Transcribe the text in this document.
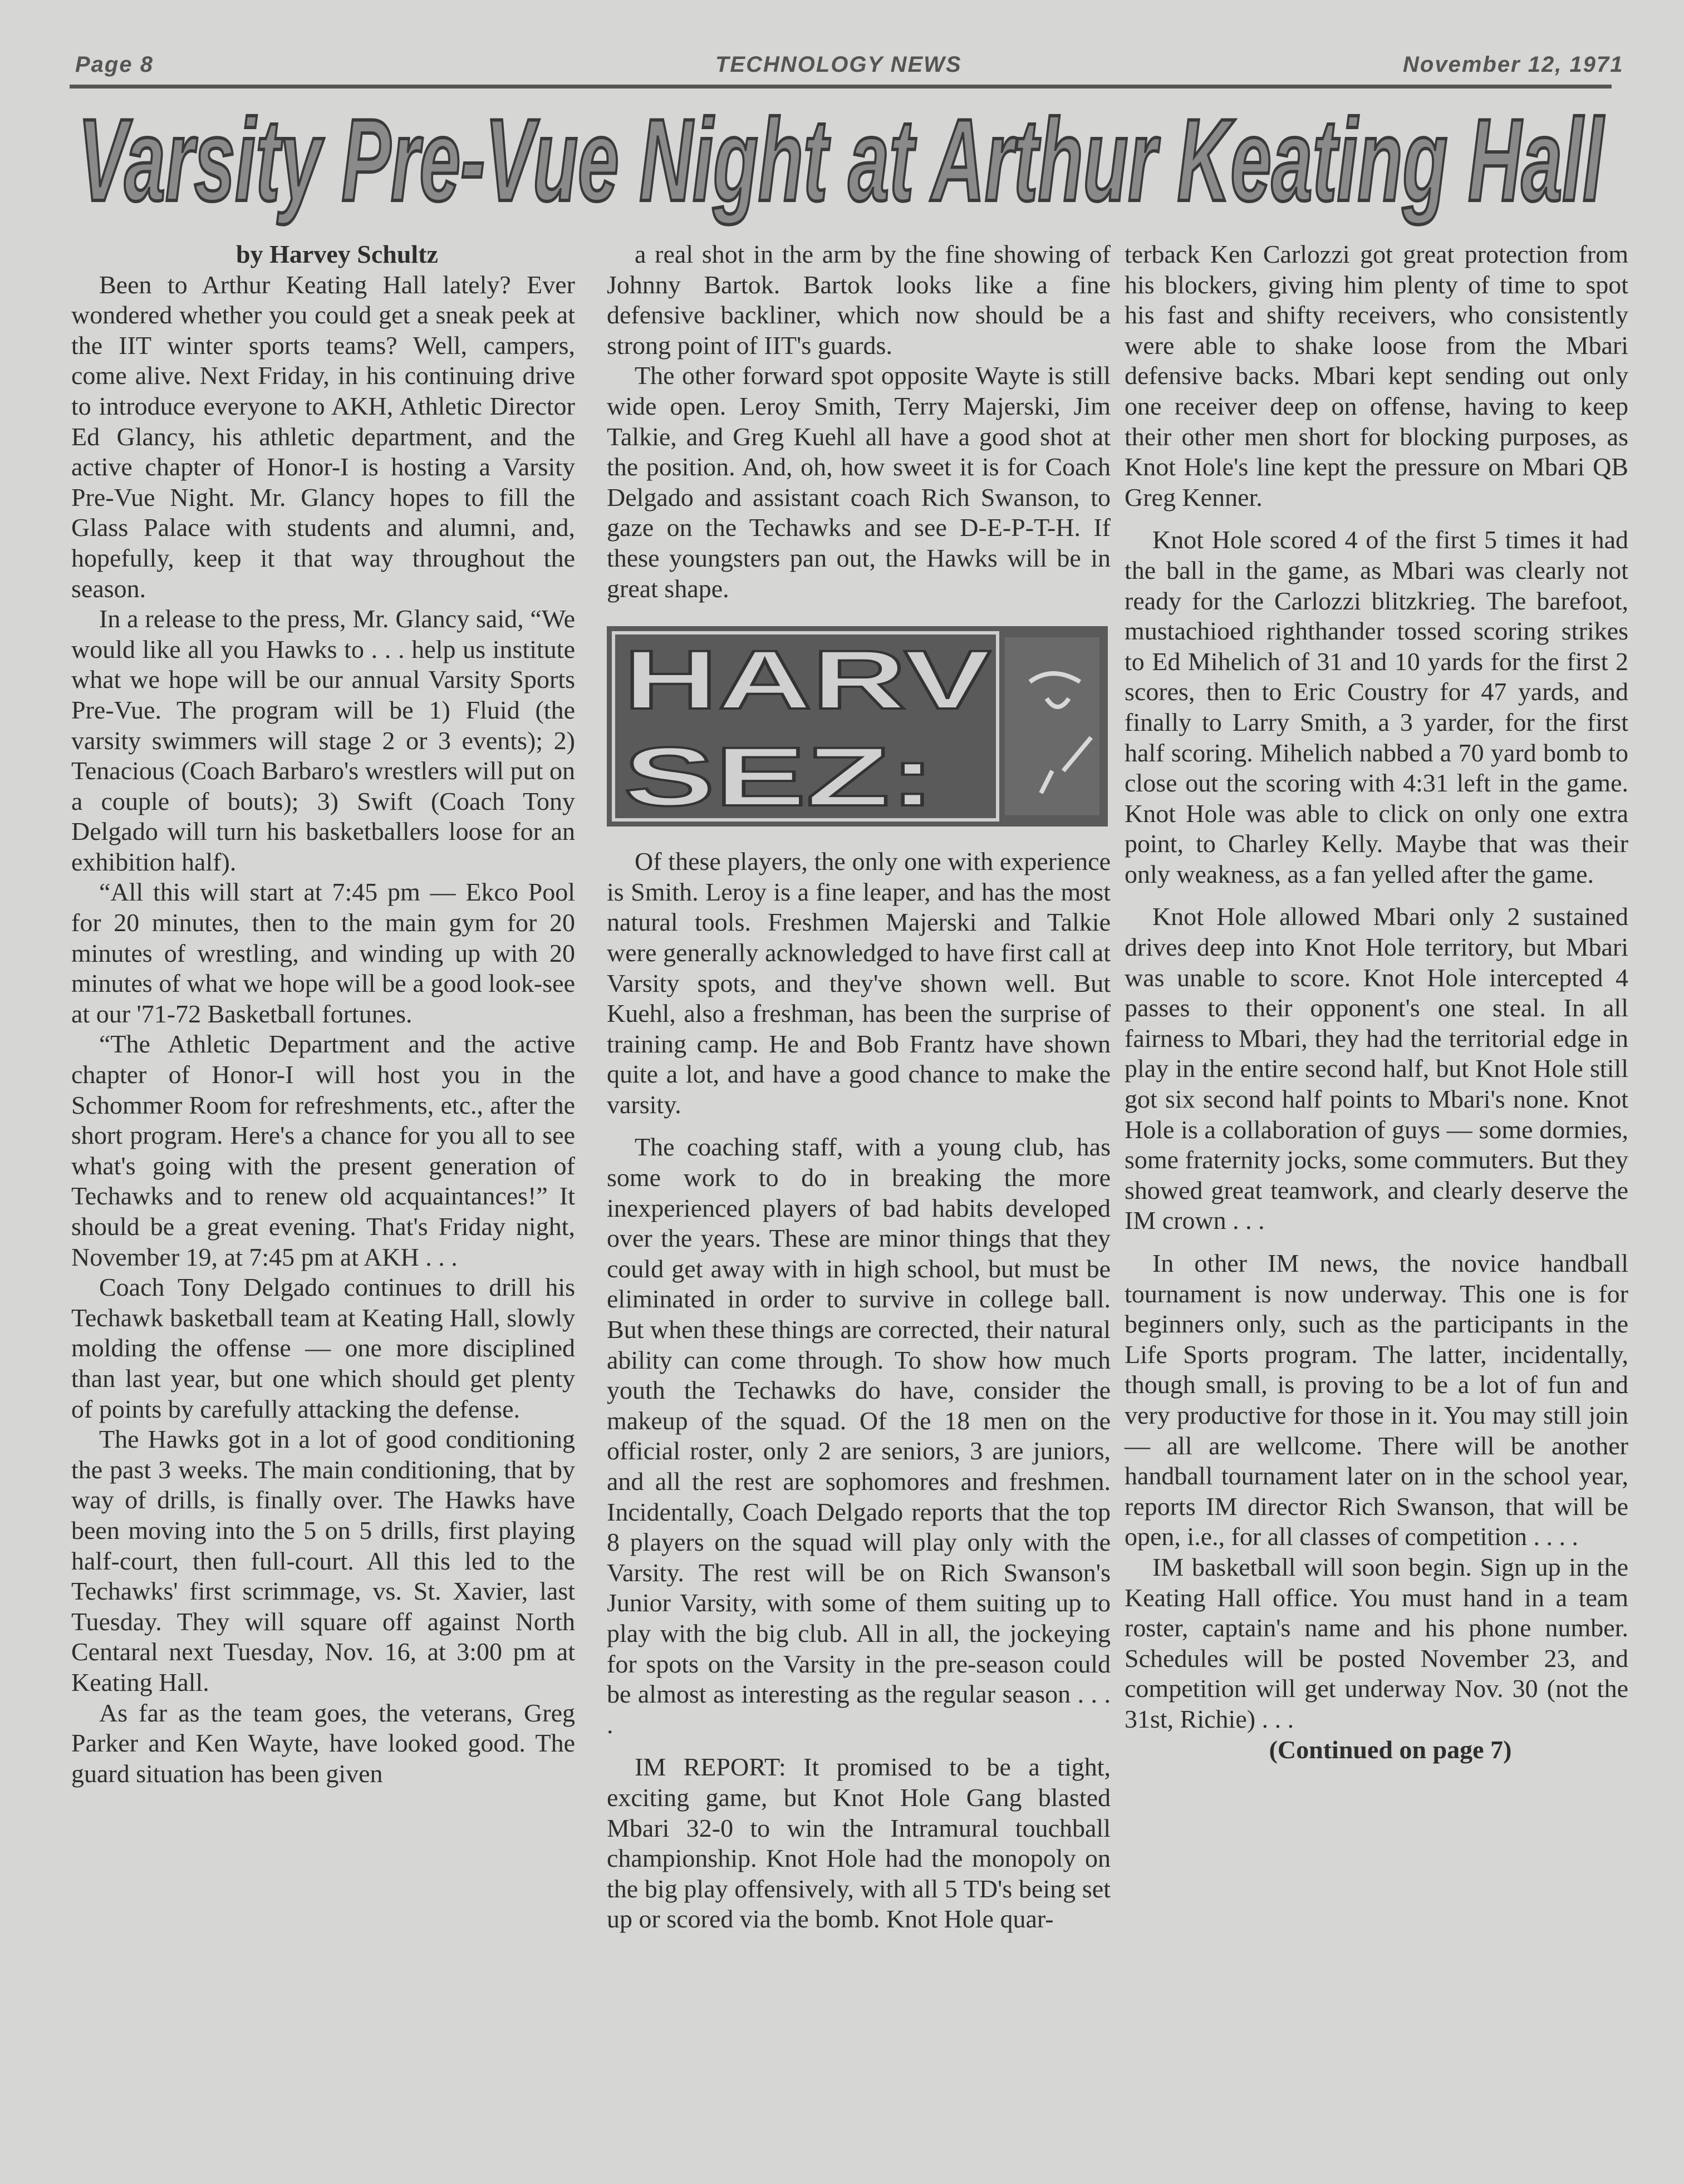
Page 8	TECHNOLOGY NEWS	November 12, 1971
Varsity Pre-Vue Night at Arthur Keating Hall

by Harvey Schultz

Been to Arthur Keating Hall lately? Ever wondered whether you could get a sneak peek at the IIT winter sports teams? Well, campers, come alive. Next Friday, in his continuing drive to introduce everyone to AKH, Athletic Director Ed Glancy, his athletic department, and the active chapter of Honor-I is hosting a Varsity Pre-Vue Night. Mr. Glancy hopes to fill the Glass Palace with students and alumni, and, hopefully, keep it that way throughout the season.

In a release to the press, Mr. Glancy said, “We would like all you Hawks to . . . help us institute what we hope will be our annual Varsity Sports Pre-Vue. The program will be 1) Fluid (the varsity swimmers will stage 2 or 3 events); 2) Tenacious (Coach Barbaro's wrestlers will put on a couple of bouts); 3) Swift (Coach Tony Delgado will turn his basketballers loose for an exhibition half).

“All this will start at 7:45 pm — Ekco Pool for 20 minutes, then to the main gym for 20 minutes of wrestling, and winding up with 20 minutes of what we hope will be a good look-see at our '71-72 Basketball fortunes.

“The Athletic Department and the active chapter of Honor-I will host you in the Schommer Room for refreshments, etc., after the short program. Here's a chance for you all to see what's going with the present generation of Techawks and to renew old acquaintances!” It should be a great evening. That's Friday night, November 19, at 7:45 pm at AKH . . .

Coach Tony Delgado continues to drill his Techawk basketball team at Keating Hall, slowly molding the offense — one more disciplined than last year, but one which should get plenty of points by carefully attacking the defense.

The Hawks got in a lot of good conditioning the past 3 weeks. The main conditioning, that by way of drills, is finally over. The Hawks have been moving into the 5 on 5 drills, first playing half-court, then full-court. All this led to the Techawks' first scrimmage, vs. St. Xavier, last Tuesday. They will square off against North Centaral next Tuesday, Nov. 16, at 3:00 pm at Keating Hall.

As far as the team goes, the veterans, Greg Parker and Ken Wayte, have looked good. The guard situation has been given

a real shot in the arm by the fine showing of Johnny Bartok. Bartok looks like a fine defensive backliner, which now should be a strong point of IIT's guards.

The other forward spot opposite Wayte is still wide open. Leroy Smith, Terry Majerski, Jim Talkie, and Greg Kuehl all have a good shot at the position. And, oh, how sweet it is for Coach Delgado and assistant coach Rich Swanson, to gaze on the Techawks and see D-E-P-T-H. If these youngsters pan out, the Hawks will be in great shape.

HARV
SEZ:

Of these players, the only one with experience is Smith. Leroy is a fine leaper, and has the most natural tools. Freshmen Majerski and Talkie were generally acknowledged to have first call at Varsity spots, and they've shown well. But Kuehl, also a freshman, has been the surprise of training camp. He and Bob Frantz have shown quite a lot, and have a good chance to make the varsity.

The coaching staff, with a young club, has some work to do in breaking the more inexperienced players of bad habits developed over the years. These are minor things that they could get away with in high school, but must be eliminated in order to survive in college ball. But when these things are corrected, their natural ability can come through. To show how much youth the Techawks do have, consider the makeup of the squad. Of the 18 men on the official roster, only 2 are seniors, 3 are juniors, and all the rest are sophomores and freshmen. Incidentally, Coach Delgado reports that the top 8 players on the squad will play only with the Varsity. The rest will be on Rich Swanson's Junior Varsity, with some of them suiting up to play with the big club. All in all, the jockeying for spots on the Varsity in the pre-season could be almost as interesting as the regular season . . . .

IM REPORT: It promised to be a tight, exciting game, but Knot Hole Gang blasted Mbari 32-0 to win the Intramural touchball championship. Knot Hole had the monopoly on the big play offensively, with all 5 TD's being set up or scored via the bomb. Knot Hole quar-

terback Ken Carlozzi got great protection from his blockers, giving him plenty of time to spot his fast and shifty receivers, who consistently were able to shake loose from the Mbari defensive backs. Mbari kept sending out only one receiver deep on offense, having to keep their other men short for blocking purposes, as Knot Hole's line kept the pressure on Mbari QB Greg Kenner.

Knot Hole scored 4 of the first 5 times it had the ball in the game, as Mbari was clearly not ready for the Carlozzi blitzkrieg. The barefoot, mustachioed righthander tossed scoring strikes to Ed Mihelich of 31 and 10 yards for the first 2 scores, then to Eric Coustry for 47 yards, and finally to Larry Smith, a 3 yarder, for the first half scoring. Mihelich nabbed a 70 yard bomb to close out the scoring with 4:31 left in the game. Knot Hole was able to click on only one extra point, to Charley Kelly. Maybe that was their only weakness, as a fan yelled after the game.

Knot Hole allowed Mbari only 2 sustained drives deep into Knot Hole territory, but Mbari was unable to score. Knot Hole intercepted 4 passes to their opponent's one steal. In all fairness to Mbari, they had the territorial edge in play in the entire second half, but Knot Hole still got six second half points to Mbari's none. Knot Hole is a collaboration of guys — some dormies, some fraternity jocks, some commuters. But they showed great teamwork, and clearly deserve the IM crown . . .

In other IM news, the novice handball tournament is now underway. This one is for beginners only, such as the participants in the Life Sports program. The latter, incidentally, though small, is proving to be a lot of fun and very productive for those in it. You may still join — all are wellcome. There will be another handball tournament later on in the school year, reports IM director Rich Swanson, that will be open, i.e., for all classes of competition . . . .

IM basketball will soon begin. Sign up in the Keating Hall office. You must hand in a team roster, captain's name and his phone number. Schedules will be posted November 23, and competition will get underway Nov. 30 (not the 31st, Richie) . . .

(Continued on page 7)
